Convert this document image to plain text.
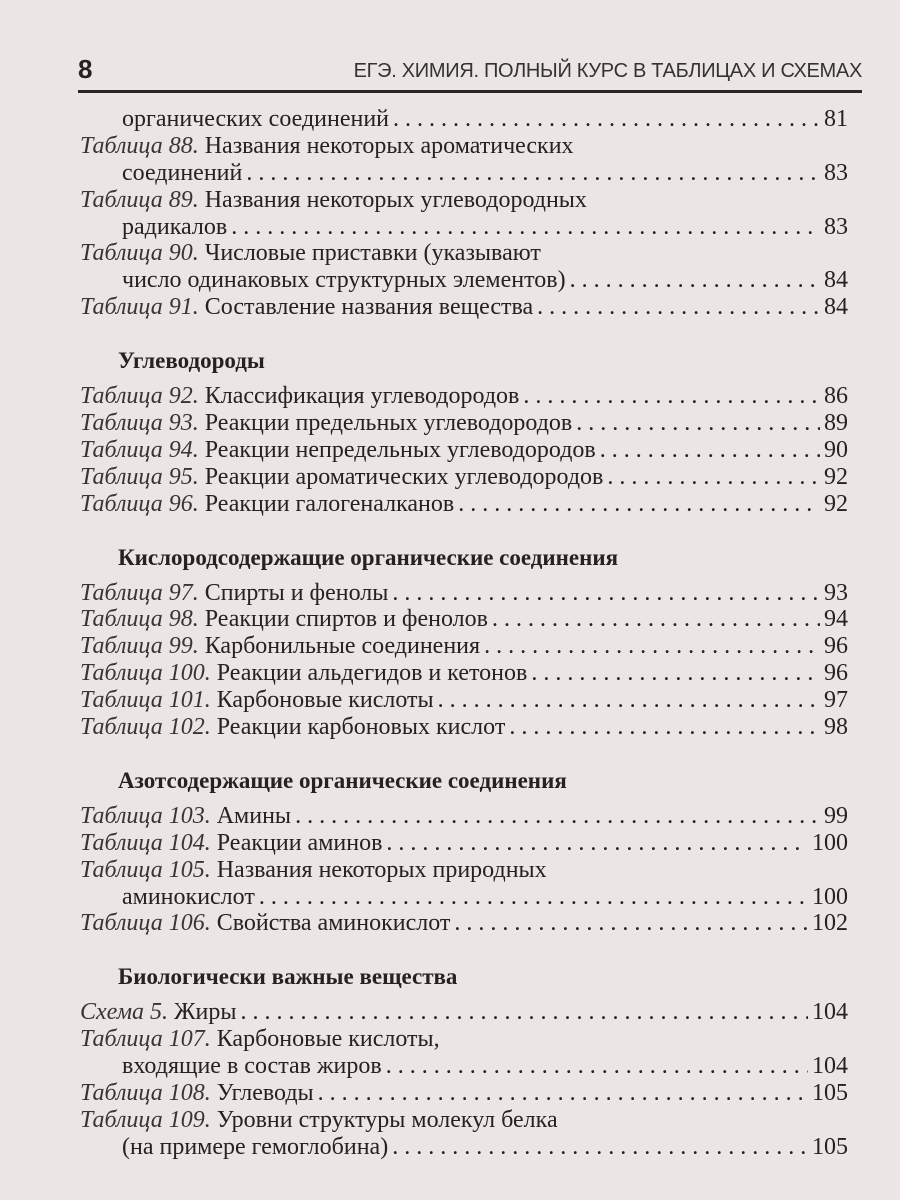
8	ЕГЭ. ХИМИЯ. ПОЛНЫЙ КУРС В ТАБЛИЦАХ И СХЕМАХ
органических соединений . . .	81
Таблица 88.
Названия некоторых ароматических
соединений . . .	83
Таблица 89.
Названия некоторых углеводородных
радикалов . . .	83
Таблица 90.
Числовые приставки (указывают
число одинаковых структурных элементов) . . .	84
Таблица 91.
Составление названия вещества . . .	84
Углеводороды
Таблица 92.
Классификация углеводородов . . .	86
Таблица 93.
Реакции предельных углеводородов . . .	89
Таблица 94.
Реакции непредельных углеводородов . . .	90
Таблица 95.
Реакции ароматических углеводородов . . .	92
Таблица 96.
Реакции галогеналканов . . .	92
Кислородсодержащие органические соединения
Таблица 97.
Спирты и фенолы . . .	93
Таблица 98.
Реакции спиртов и фенолов . . .	94
Таблица 99.
Карбонильные соединения . . .	96
Таблица 100.
Реакции альдегидов и кетонов . . .	96
Таблица 101.
Карбоновые кислоты . . .	97
Таблица 102.
Реакции карбоновых кислот . . .	98
Азотсодержащие органические соединения
Таблица 103.
Амины . . .	99
Таблица 104.
Реакции аминов . . .	100
Таблица 105.
Названия некоторых природных
аминокислот . . .	100
Таблица 106.
Свойства аминокислот . . .	102
Биологически важные вещества
Схема 5.
Жиры . . .	104
Таблица 107.
Карбоновые кислоты,
входящие в состав жиров . . .	104
Таблица 108.
Углеводы . . .	105
Таблица 109.
Уровни структуры молекул белка
(на примере гемоглобина) . . .	105
